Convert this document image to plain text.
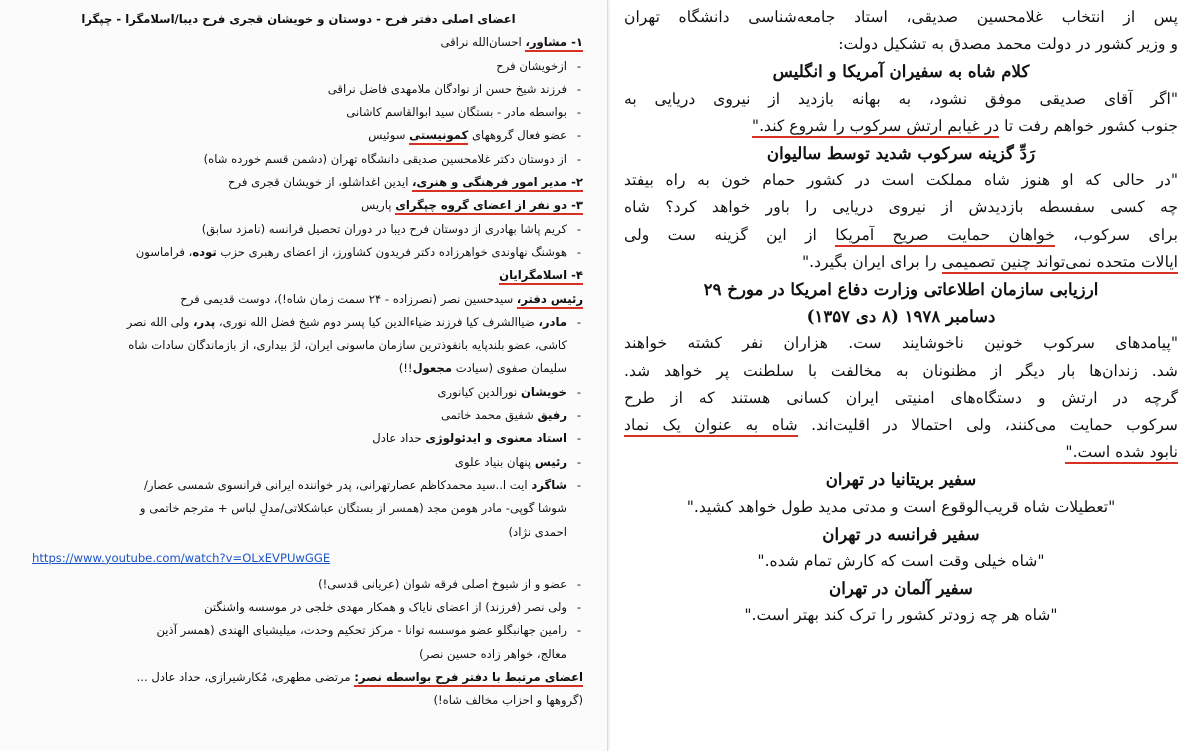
اعضای اصلی دفتر فرح - دوستان و خویشان قجری فرح دیبا/اسلامگرا - چپگرا
۱- مشاور، احسان‌الله نراقی
- ازخویشان فرح
- فرزند شیخ حسن از نوادگان ملامهدی فاضل نراقی
- بواسطه مادر - بستگان سید ابوالقاسم کاشانی
- عضو فعال گروههای کمونیستی سوئیس
- از دوستان دکتر غلامحسین صدیقی دانشگاه تهران (دشمن قسم خورده شاه)
۲- مدیر امور فرهنگی و هنری، ایدین اغداشلو، از خویشان قجری فرح
۳- دو نفر از اعضای گروه چپگرای پاریس
- کریم پاشا بهادری از دوستان فرح دیبا در دوران تحصیل فرانسه (نامزد سابق)
- هوشنگ نهاوندی خواهرزاده دکتر فریدون کشاورز، از اعضای رهبری حزب توده، فراماسون
۴- اسلامگرایان
رئیس دفتر، سیدحسین نصر (نصرزاده - ۲۴ سمت زمان شاه!)، دوست قدیمی فرح
- مادر، ضیاالشرف کیا فرزند ضیاءالدین کیا پسر دوم شیخ فضل الله نوری، پدر، ولی الله نصر
کاشی، عضو بلندپایه بانفوذترین سازمان ماسونی ایران، لژ بیداری، از بازماندگان سادات شاه
سلیمان صفوی (سیادت مجعول!!)
- خویشان نورالدین کیانوری
- رفیق شفیق محمد خاتمی
- استاد معنوی و ایدئولوژی حداد عادل
- رئیس پنهان بنیاد علوی
- شاگرد ایت ا..سید محمدکاظم عصارتهرانی، پدر خواننده ایرانی فرانسوی شمسی عصار/
شوشا گوپی- مادر هومن مجد (همسر از بستگان عباشکلاتی/مدلِ لباس + مترجم خاتمی و
احمدی نژاد)
https://www.youtube.com/watch?v=OLxEVPUwGGE
- عضو و از شیوخ اصلی فرقه شوان (عریانی قدسی!)
- ولی نصر (فرزند) از اعضای نایاک و همکار مهدی خلجی در موسسه واشنگتن
- رامین جهانبگلو عضو موسسه توانا - مرکز تحکیم وحدت، میلیشیای الهندی (همسر آذین
معالج، خواهر زاده حسین نصر)
اعضای مرتبط با دفتر فرح بواسطه نصر: مرتضی مطهری، مُکارشیرازی، حداد عادل ...
(گروهها و احزاب مخالف شاه!)
پس از انتخاب غلامحسین صدیقی، استاد جامعه‌شناسی دانشگاه تهران
و وزیر کشور در دولت محمد مصدق به تشکیل دولت:
کلام شاه به سفیران آمریکا و انگلیس
"اگر آقای صدیقی موفق نشود، به بهانه بازدید از نیروی دریایی به
جنوب کشور خواهم رفت تا در غیابم ارتش سرکوب را شروع کند."
رَدِّ گزینه سرکوب شدید توسط سالیوان
"در حالی که او هنوز شاه مملکت است در کشور حمام خون به راه بیفتد
چه کسی سفسطه بازدیدش از نیروی دریایی را باور خواهد کرد؟ شاه
برای سرکوب، خواهان حمایت صریح آمریکا از این گزینه ست ولی
ایالات متحده نمی‌تواند چنین تصمیمی را برای ایران بگیرد."
ارزیابی سازمان اطلاعاتی وزارت دفاع امریکا در مورخ ۲۹
دسامبر ۱۹۷۸ (۸ دی ۱۳۵۷)
"پیامدهای سرکوب خونین ناخوشایند ست. هزاران نفر کشته خواهند
شد. زندان‌ها بار دیگر از مظنونان به مخالفت با سلطنت پر خواهد شد.
گرچه در ارتش و دستگاه‌های امنیتی ایران کسانی هستند که از طرح
سرکوب حمایت می‌کنند، ولی احتمالا در اقلیت‌اند. شاه به عنوان یک نماد
نابود شده است."
سفیر بریتانیا در تهران
"تعطیلات شاه قریب‌الوقوع است و مدتی مدید طول خواهد کشید."
سفیر فرانسه در تهران
"شاه خیلی وقت است که کارش تمام شده."
سفیر آلمان در تهران
"شاه هر چه زودتر کشور را ترک کند بهتر است."
